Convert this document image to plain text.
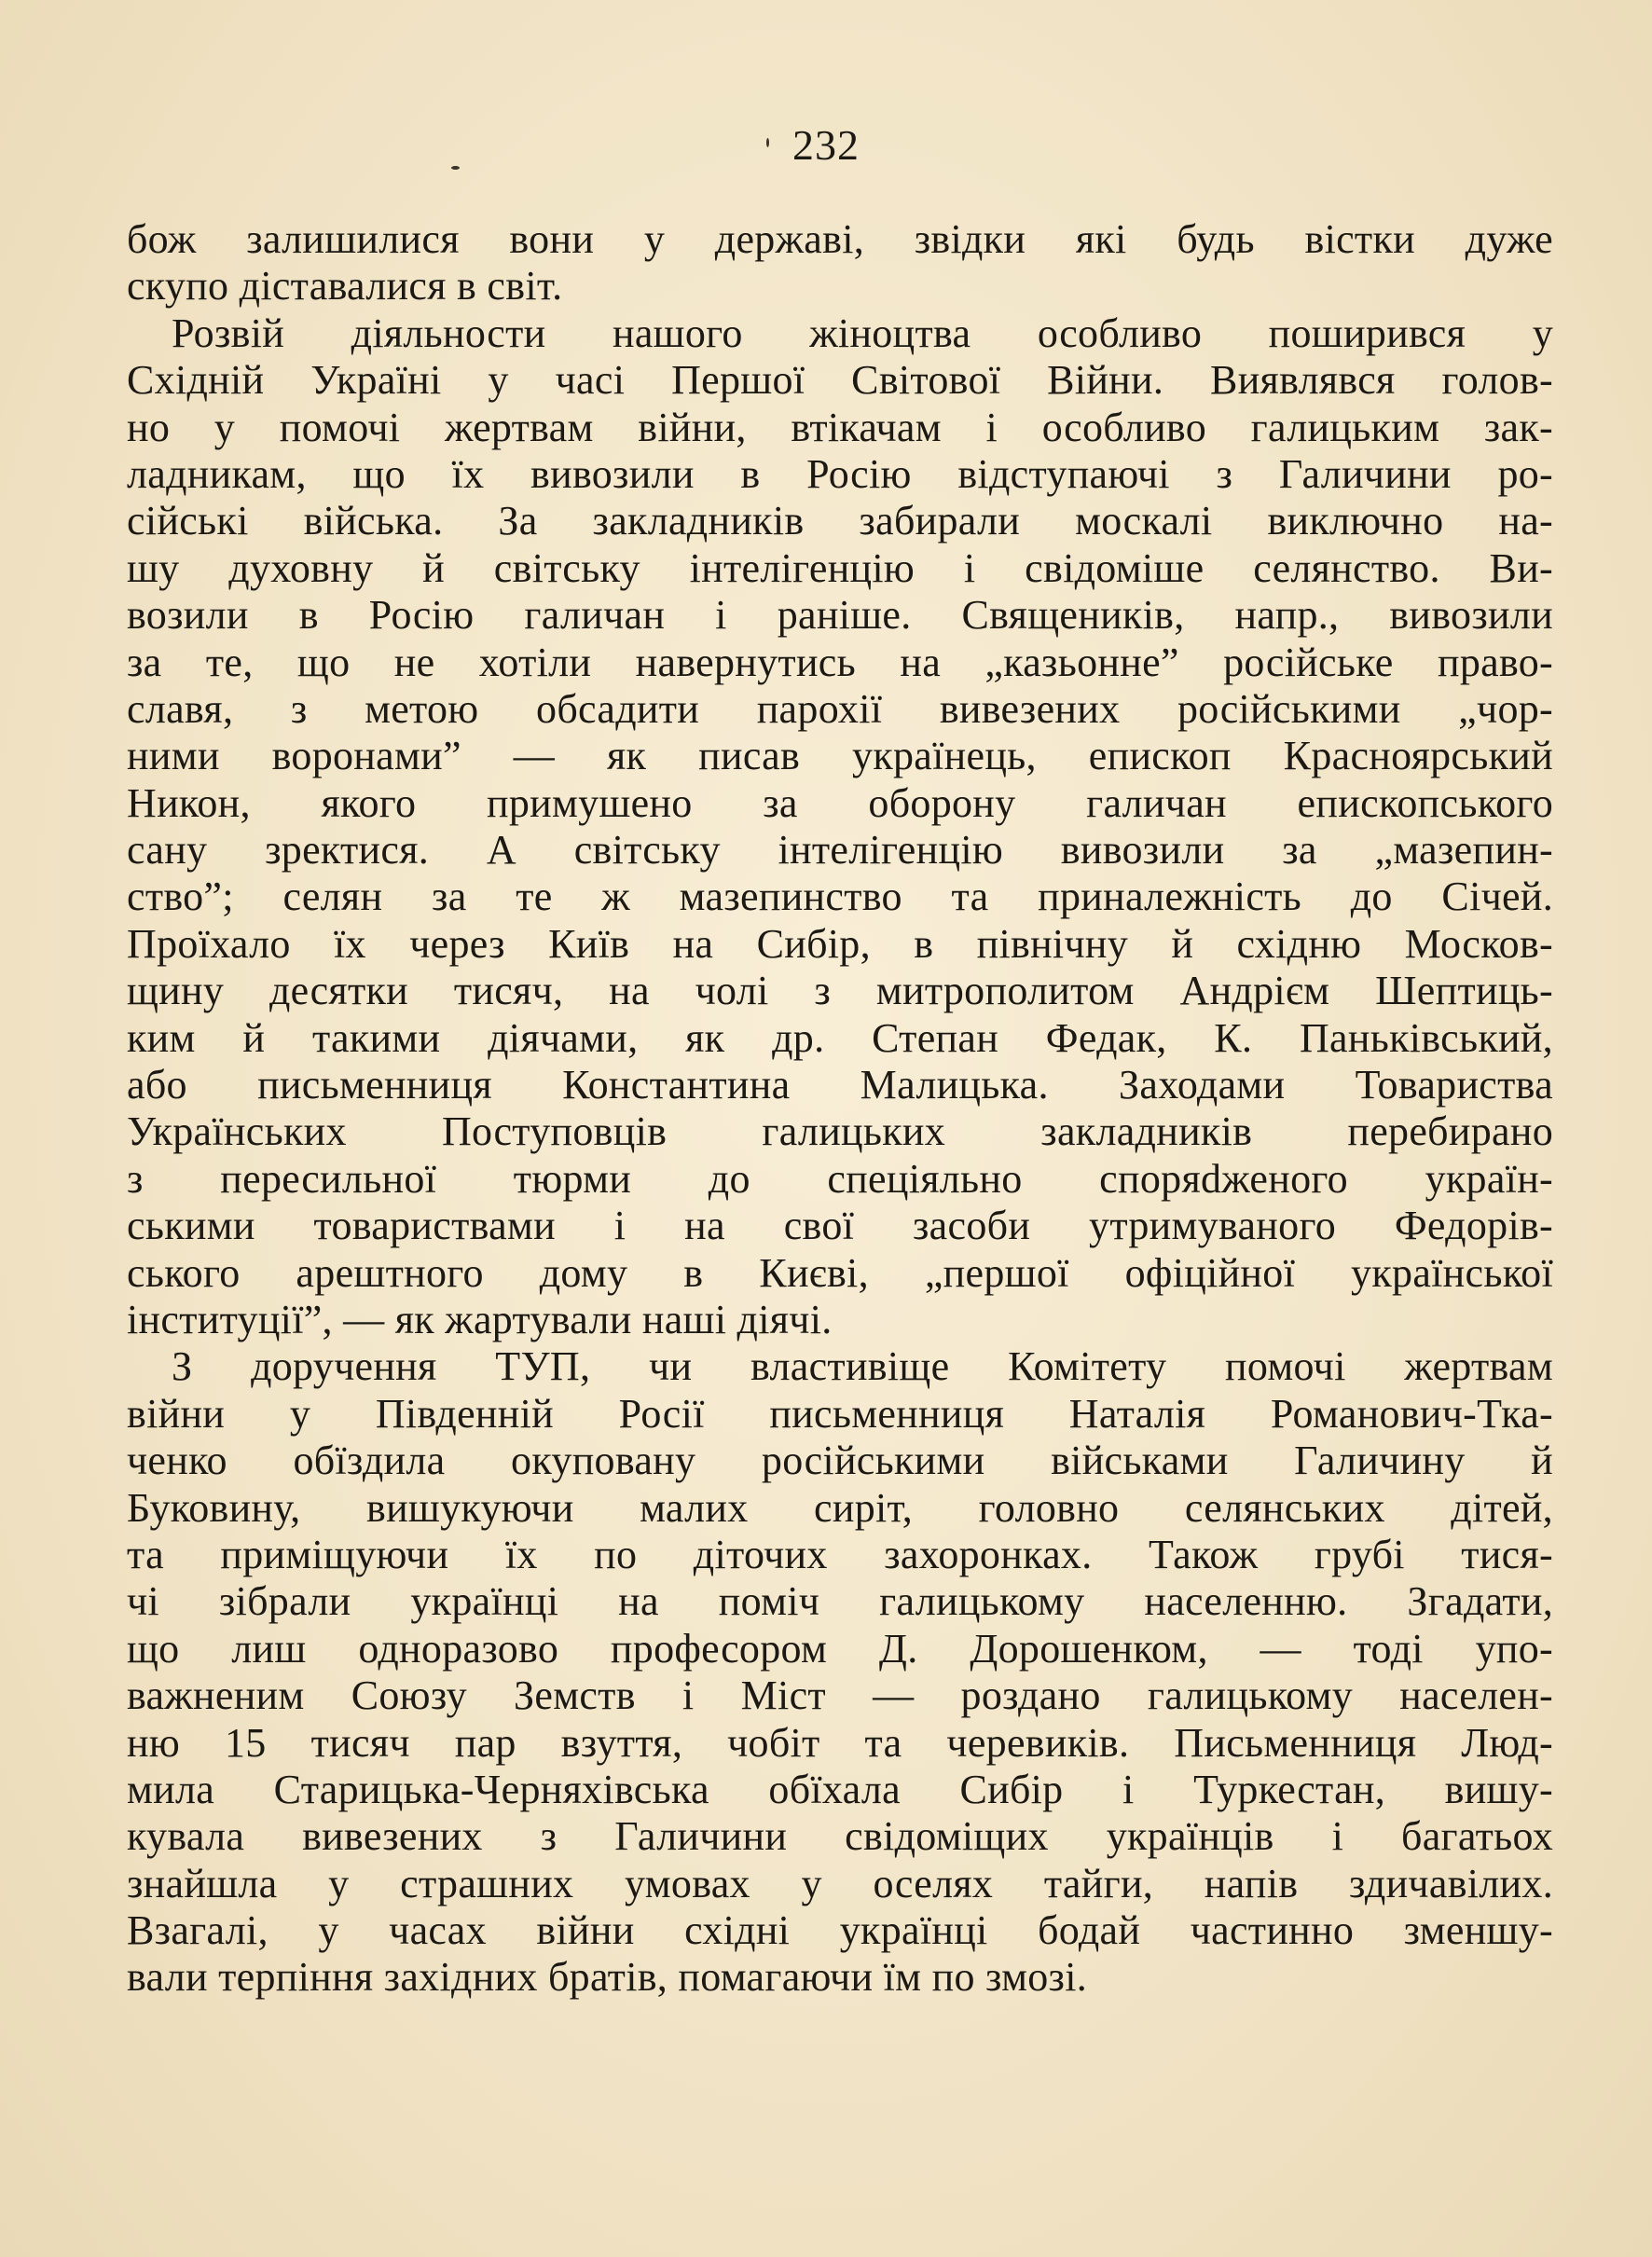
232
бож залишилися вони у державі, звідки які будь вістки дуже
скупо діставалися в світ.
Розвій діяльности нашого жіноцтва особливо поширився у
Східній Україні у часі Першої Світової Війни. Виявлявся голов-
но у помочі жертвам війни, втікачам і особливо галицьким зак-
ладникам, що їх вивозили в Росію відступаючі з Галичини ро-
сійські війська. За закладників забирали москалі виключно на-
шу духовну й світську інтелігенцію і свідоміше селянство. Ви-
возили в Росію галичан і раніше. Священиків, напр., вивозили
за те, що не хотіли навернутись на „казьонне” російське право-
славя, з метою обсадити парохії вивезених російськими „чор-
ними воронами” — як писав українець, епископ Красноярський
Никон, якого примушено за оборону галичан епископського
сану зректися. А світську інтелігенцію вивозили за „мазепин-
ство”; селян за те ж мазепинство та приналежність до Січей.
Проїхало їх через Київ на Сибір, в північну й східню Москов-
щину десятки тисяч, на чолі з митрополитом Андрієм Шептиць-
ким й такими діячами, як др. Степан Федак, К. Паньківський,
або письменниця Константина Малицька. Заходами Товариства
Українських Поступовців галицьких закладників перебирано
з пересильної тюрми до спеціяльно споряdженого україн-
ськими товариствами і на свої засоби утримуваного Федорів-
ського арештного дому в Києві, „першої офіційної української
інституції”, — як жартували наші діячі.
З доручення ТУП, чи властивіще Комітету помочі жертвам
війни у Південній Росії письменниця Наталія Романович-Тка-
ченко обїздила окуповану російськими військами Галичину й
Буковину, вишукуючи малих сиріт, головно селянських дітей,
та приміщуючи їх по діточих захоронках. Також грубі тися-
чі зібрали українці на поміч галицькому населенню. Згадати,
що лиш одноразово професором Д. Дорошенком, — тоді упо-
важненим Союзу Земств і Міст — роздано галицькому населен-
ню 15 тисяч пар взуття, чобіт та черевиків. Письменниця Люд-
мила Старицька-Черняхівська обїхала Сибір і Туркестан, вишу-
кувала вивезених з Галичини свідоміщих українців і багатьох
знайшла у страшних умовах у оселях тайги, напів здичавілих.
Взагалі, у часах війни східні українці бодай частинно зменшу-
вали терпіння західних братів, помагаючи їм по змозі.
